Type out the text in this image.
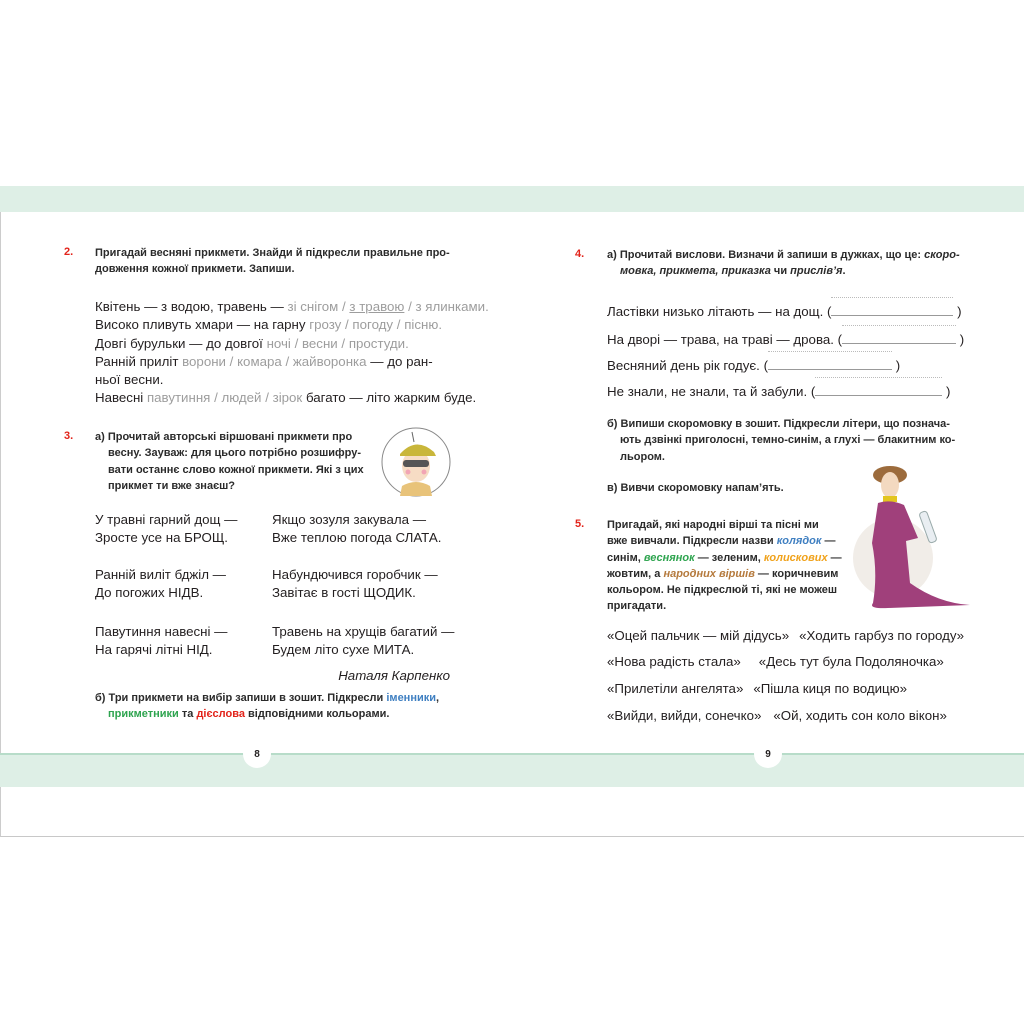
8	9
2. Пригадай весняні прикмети. Знайди й підкресли правильне про-
довження кожної прикмети. Запиши.
Квітень — з водою, травень — зі снігом / з травою / з ялинками.
Високо пливуть хмари — на гарну грозу / погоду / пісню.
Довгі бурульки — до довгої ночі / весни / простуди.
Ранній приліт ворони / комара / жайворонка — до ран-
ньої весни.
Навесні павутиння / людей / зірок багато — літо жарким буде.
3. а) Прочитай авторські віршовані прикмети про
весну. Зауваж: для цього потрібно розшифру-
вати останнє слово кожної прикмети. Які з цих
прикмет ти вже знаєш?
У травні гарний дощ —
Зросте усе на БРОЩ.
Якщо зозуля закувала —
Вже теплою погода СЛАТА.
Ранній виліт бджіл —
До погожих НІДВ.
Набундючився горобчик —
Завітає в гості ЩОДИК.
Павутиння навесні —
На гарячі літні НІД.
Травень на хрущів багатий —
Будем літо сухе МИТА.
Наталя Карпенко
б) Три прикмети на вибір запиши в зошит. Підкресли іменники,
прикметники та дієслова відповідними кольорами.
4. а) Прочитай вислови. Визначи й запиши в дужках, що це: скоро-
мовка, прикмета, приказка чи прислів’я.
Ластівки низько літають — на дощ. (	)
На дворі — трава, на траві — дрова. (	)
Весняний день рік годує. (	)
Не знали, не знали, та й забули. (	)
б) Випиши скоромовку в зошит. Підкресли літери, що познача-
ють дзвінкі приголосні, темно-синім, а глухі — блакитним ко-
льором.
в) Вивчи скоромовку напам’ять.
5. Пригадай, які народні вірші та пісні ми
вже вивчали. Підкресли назви колядок —
синім, веснянок — зеленим, колискових —
жовтим, а народних віршів — коричневим
кольором. Не підкреслюй ті, які не можеш
пригадати.
«Оцей пальчик — мій дідусь» «Ходить гарбуз по городу»
«Нова радість стала» «Десь тут була Подоляночка»
«Прилетіли ангелята» «Пішла киця по водицю»
«Вийди, вийди, сонечко» «Ой, ходить сон коло вікон»
